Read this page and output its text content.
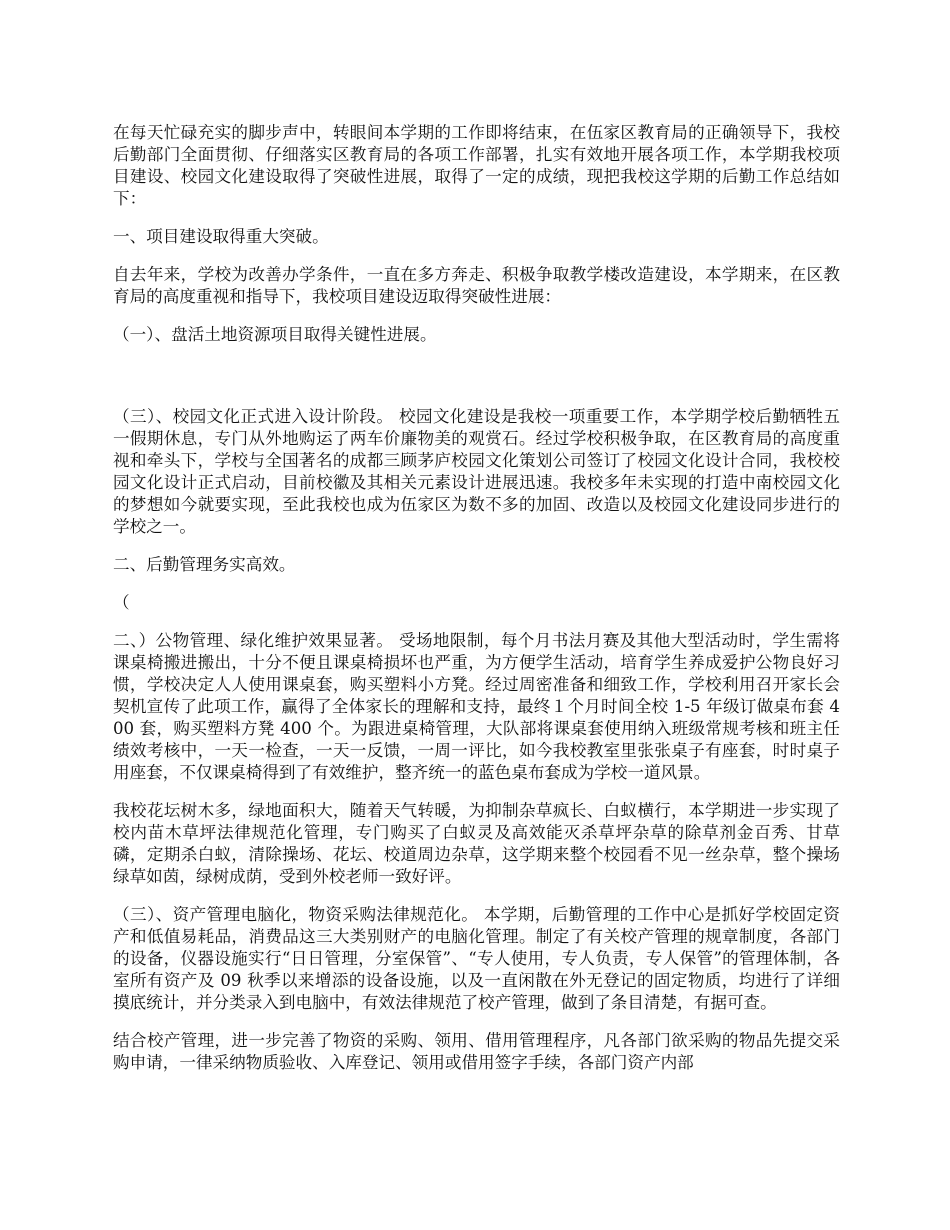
在每天忙碌充实的脚步声中，转眼间本学期的工作即将结束，在伍家区教育局的正确领导下，我校后勤部门全面贯彻、仔细落实区教育局的各项工作部署，扎实有效地开展各项工作，本学期我校项目建设、校园文化建设取得了突破性进展，取得了一定的成绩，现把我校这学期的后勤工作总结如下：

一、项目建设取得重大突破。

自去年来，学校为改善办学条件，一直在多方奔走、积极争取教学楼改造建设，本学期来，在区教育局的高度重视和指导下，我校项目建设迈取得突破性进展：

（一）、盘活土地资源项目取得关键性进展。

（三）、校园文化正式进入设计阶段。 校园文化建设是我校一项重要工作，本学期学校后勤牺牲五一假期休息，专门从外地购运了两车价廉物美的观赏石。经过学校积极争取，在区教育局的高度重视和牵头下，学校与全国著名的成都三顾茅庐校园文化策划公司签订了校园文化设计合同，我校校园文化设计正式启动，目前校徽及其相关元素设计进展迅速。我校多年未实现的打造中南校园文化的梦想如今就要实现，至此我校也成为伍家区为数不多的加固、改造以及校园文化建设同步进行的学校之一。

二、后勤管理务实高效。

（

二、）公物管理、绿化维护效果显著。 受场地限制，每个月书法月赛及其他大型活动时，学生需将课桌椅搬进搬出，十分不便且课桌椅损坏也严重，为方便学生活动，培育学生养成爱护公物良好习惯，学校决定人人使用课桌套，购买塑料小方凳。经过周密准备和细致工作，学校利用召开家长会契机宣传了此项工作，赢得了全体家长的理解和支持，最终１个月时间全校 1-5 年级订做桌布套 400 套，购买塑料方凳 400 个。为跟进桌椅管理，大队部将课桌套使用纳入班级常规考核和班主任绩效考核中，一天一检查，一天一反馈，一周一评比，如今我校教室里张张桌子有座套，时时桌子用座套，不仅课桌椅得到了有效维护，整齐统一的蓝色桌布套成为学校一道风景。

我校花坛树木多，绿地面积大，随着天气转暖，为抑制杂草疯长、白蚁横行，本学期进一步实现了校内苗木草坪法律规范化管理，专门购买了白蚁灵及高效能灭杀草坪杂草的除草剂金百秀、甘草磷，定期杀白蚁，清除操场、花坛、校道周边杂草，这学期来整个校园看不见一丝杂草，整个操场绿草如茵，绿树成荫，受到外校老师一致好评。

（三）、资产管理电脑化，物资采购法律规范化。 本学期，后勤管理的工作中心是抓好学校固定资产和低值易耗品，消费品这三大类别财产的电脑化管理。制定了有关校产管理的规章制度，各部门的设备，仪器设施实行“日日管理，分室保管”、“专人使用，专人负责，专人保管”的管理体制，各室所有资产及 09 秋季以来增添的设备设施，以及一直闲散在外无登记的固定物质，均进行了详细摸底统计，并分类录入到电脑中，有效法律规范了校产管理，做到了条目清楚，有据可查。

结合校产管理，进一步完善了物资的采购、领用、借用管理程序，凡各部门欲采购的物品先提交采购申请，一律采纳物质验收、入库登记、领用或借用签字手续，各部门资产内部
